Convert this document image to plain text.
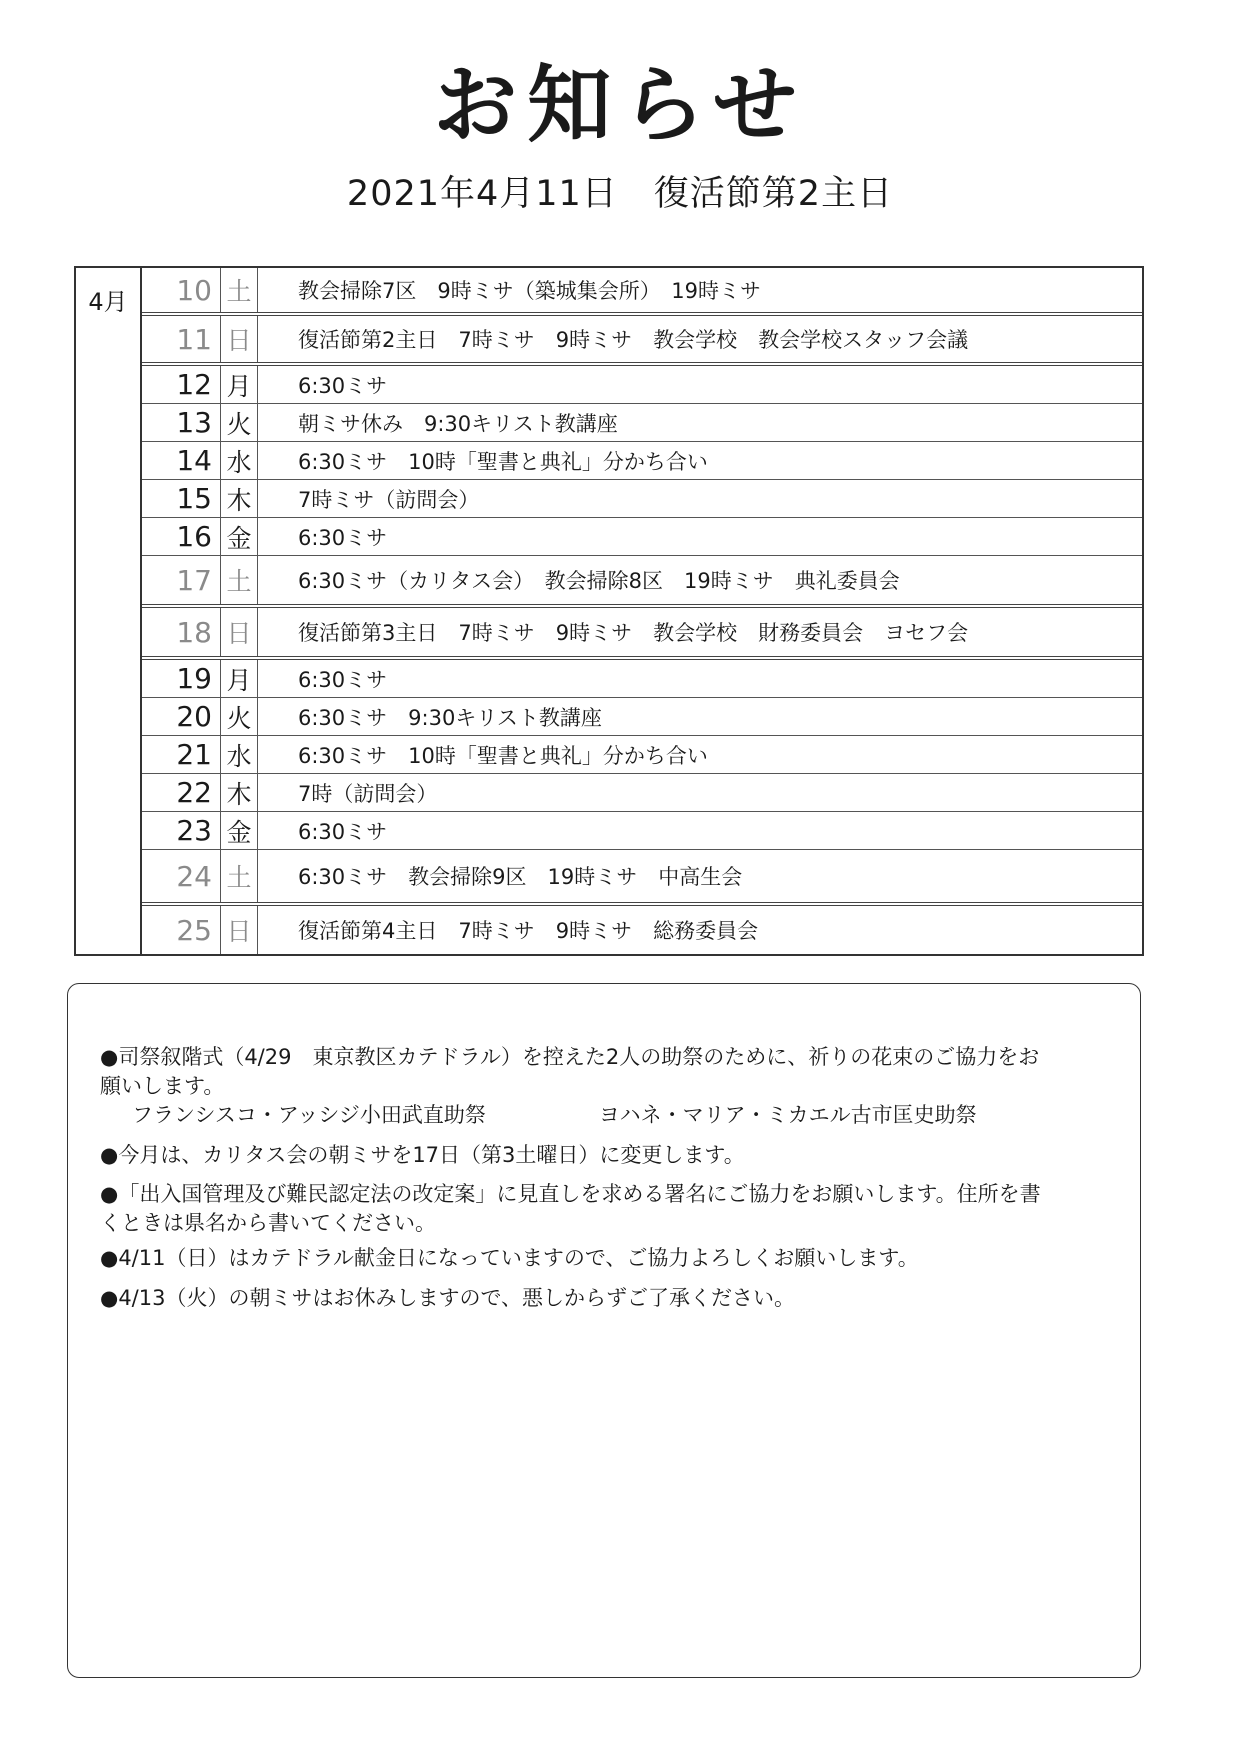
お知らせ
2021年4月11日　復活節第2主日
4月	10 土	教会掃除7区　9時ミサ（築城集会所）　19時ミサ
11 日	復活節第2主日　7時ミサ　9時ミサ　教会学校　教会学校スタッフ会議
12 月	6:30ミサ
13 火	朝ミサ休み　9:30キリスト教講座
14 水	6:30ミサ　10時「聖書と典礼」分かち合い
15 木	7時ミサ（訪問会）
16 金	6:30ミサ
17 土	6:30ミサ（カリタス会）　教会掃除8区　19時ミサ　典礼委員会
18 日	復活節第3主日　7時ミサ　9時ミサ　教会学校　財務委員会　ヨセフ会
19 月	6:30ミサ
20 火	6:30ミサ　9:30キリスト教講座
21 水	6:30ミサ　10時「聖書と典礼」分かち合い
22 木	7時（訪問会）
23 金	6:30ミサ
24 土	6:30ミサ　教会掃除9区　19時ミサ　中高生会
25 日	復活節第4主日　7時ミサ　9時ミサ　総務委員会
●司祭叙階式（4/29　東京教区カテドラル）を控えた2人の助祭のために、祈りの花束のご協力をお
願いします。
フランシスコ・アッシジ小田武直助祭	ヨハネ・マリア・ミカエル古市匡史助祭
●今月は、カリタス会の朝ミサを17日（第3土曜日）に変更します。
●「出入国管理及び難民認定法の改定案」に見直しを求める署名にご協力をお願いします。住所を書
くときは県名から書いてください。
●4/11（日）はカテドラル献金日になっていますので、ご協力よろしくお願いします。
●4/13（火）の朝ミサはお休みしますので、悪しからずご了承ください。
